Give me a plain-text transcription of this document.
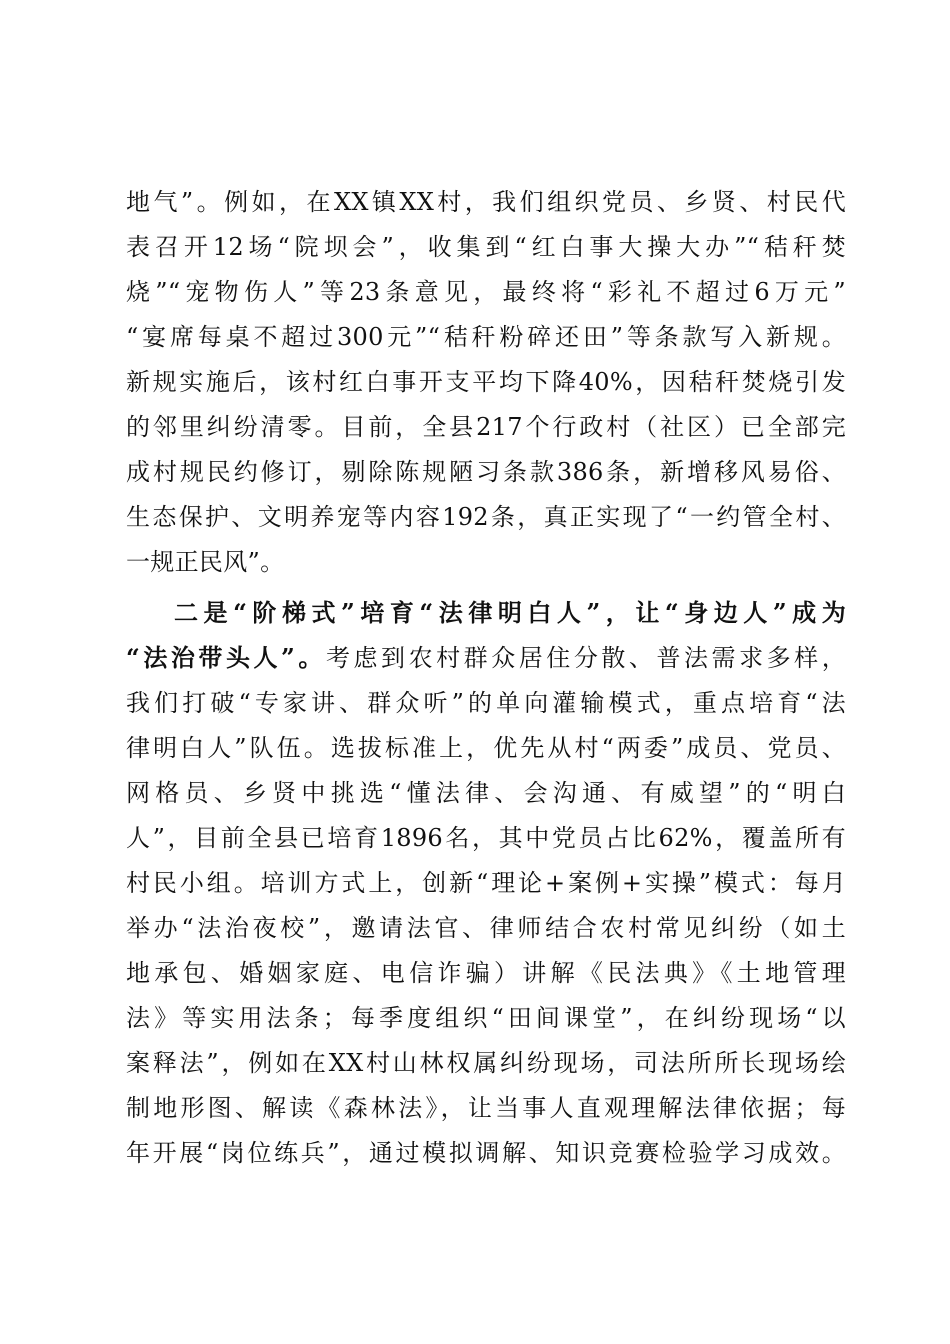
地气”。例如，在XX镇XX村，我们组织党员、乡贤、村民代
表召开12场“院坝会”，收集到“红白事大操大办”“秸秆焚
烧”“宠物伤人”等23条意见，最终将“彩礼不超过6万元”
“宴席每桌不超过300元”“秸秆粉碎还田”等条款写入新规。
新规实施后，该村红白事开支平均下降40%，因秸秆焚烧引发
的邻里纠纷清零。目前，全县217个行政村（社区）已全部完
成村规民约修订，剔除陈规陋习条款386条，新增移风易俗、
生态保护、文明养宠等内容192条，真正实现了“一约管全村、
一规正民风”。
二是“阶梯式”培育“法律明白人”，让“身边人”成为
“法治带头人”。考虑到农村群众居住分散、普法需求多样，
我们打破“专家讲、群众听”的单向灌输模式，重点培育“法
律明白人”队伍。选拔标准上，优先从村“两委”成员、党员、
网格员、乡贤中挑选“懂法律、会沟通、有威望”的“明白
人”，目前全县已培育1896名，其中党员占比62%，覆盖所有
村民小组。培训方式上，创新“理论+案例+实操”模式：每月
举办“法治夜校”，邀请法官、律师结合农村常见纠纷（如土
地承包、婚姻家庭、电信诈骗）讲解《民法典》《土地管理
法》等实用法条；每季度组织“田间课堂”，在纠纷现场“以
案释法”，例如在XX村山林权属纠纷现场，司法所所长现场绘
制地形图、解读《森林法》，让当事人直观理解法律依据；每
年开展“岗位练兵”，通过模拟调解、知识竞赛检验学习成效。
